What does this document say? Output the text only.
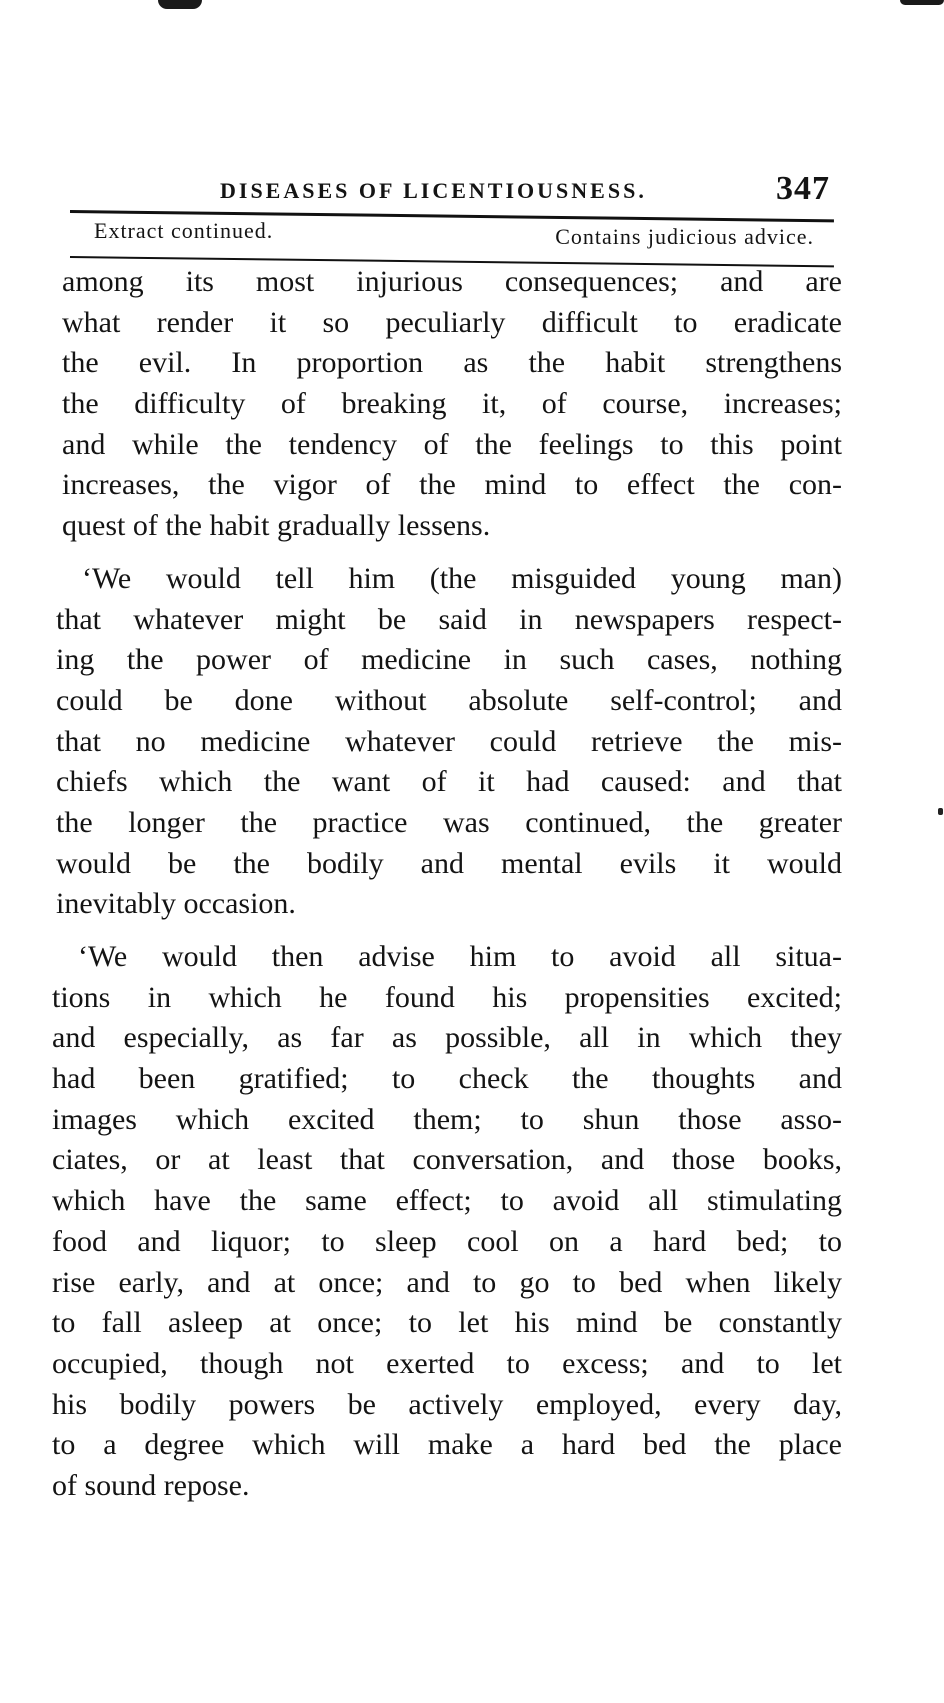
DISEASES OF LICENTIOUSNESS.	347
Extract continued.	Contains judicious advice.
among its most injurious consequences; and are
what render it so peculiarly difficult to eradicate
the evil. In proportion as the habit strengthens
the difficulty of breaking it, of course, increases;
and while the tendency of the feelings to this point
increases, the vigor of the mind to effect the con-
quest of the habit gradually lessens.
‘We would tell him (the misguided young man)
that whatever might be said in newspapers respect-
ing the power of medicine in such cases, nothing
could be done without absolute self-control; and
that no medicine whatever could retrieve the mis-
chiefs which the want of it had caused: and that
the longer the practice was continued, the greater
would be the bodily and mental evils it would
inevitably occasion.
‘We would then advise him to avoid all situa-
tions in which he found his propensities excited;
and especially, as far as possible, all in which they
had been gratified; to check the thoughts and
images which excited them; to shun those asso-
ciates, or at least that conversation, and those books,
which have the same effect; to avoid all stimulating
food and liquor; to sleep cool on a hard bed; to
rise early, and at once; and to go to bed when likely
to fall asleep at once; to let his mind be constantly
occupied, though not exerted to excess; and to let
his bodily powers be actively employed, every day,
to a degree which will make a hard bed the place
of sound repose.
